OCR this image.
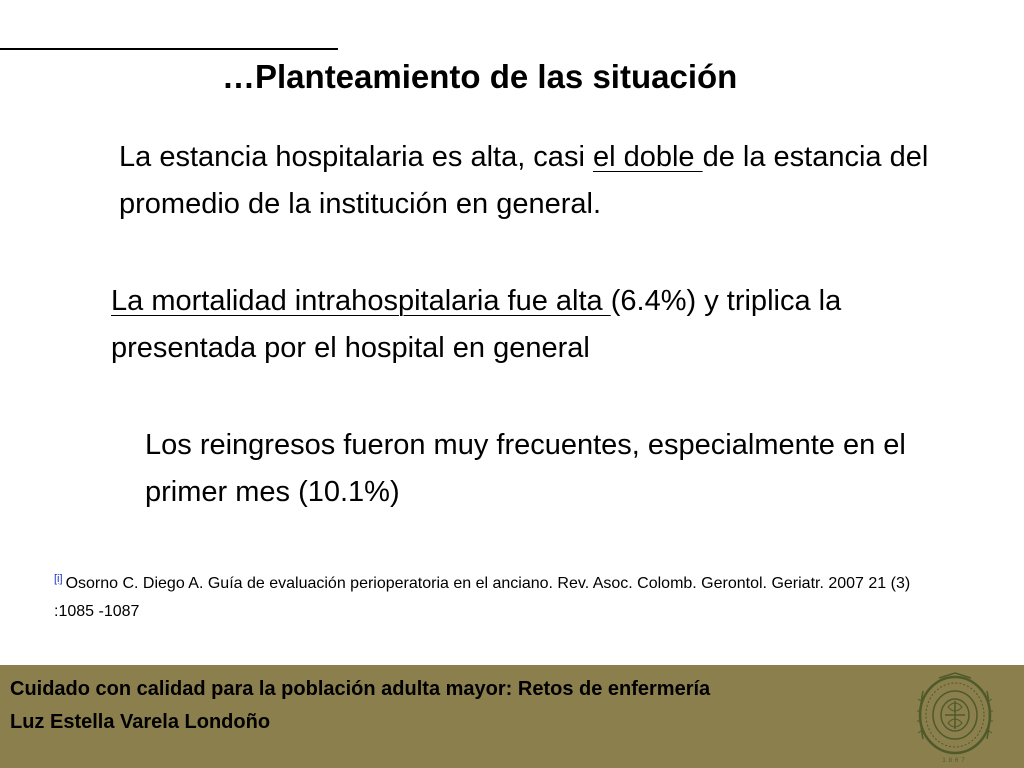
…Planteamiento de las situación

La estancia hospitalaria es alta, casi el doble de la estancia del promedio de la institución en general.

La mortalidad intrahospitalaria fue alta (6.4%) y triplica la presentada por el hospital en general

Los reingresos fueron muy frecuentes, especialmente en el primer mes (10.1%)

[i] Osorno C. Diego A. Guía de evaluación perioperatoria en el anciano. Rev. Asoc. Colomb. Gerontol. Geriatr. 2007 21 (3) :1085 -1087

Cuidado con calidad para la población adulta mayor: Retos de enfermería

Luz Estella Varela Londoño

1867
